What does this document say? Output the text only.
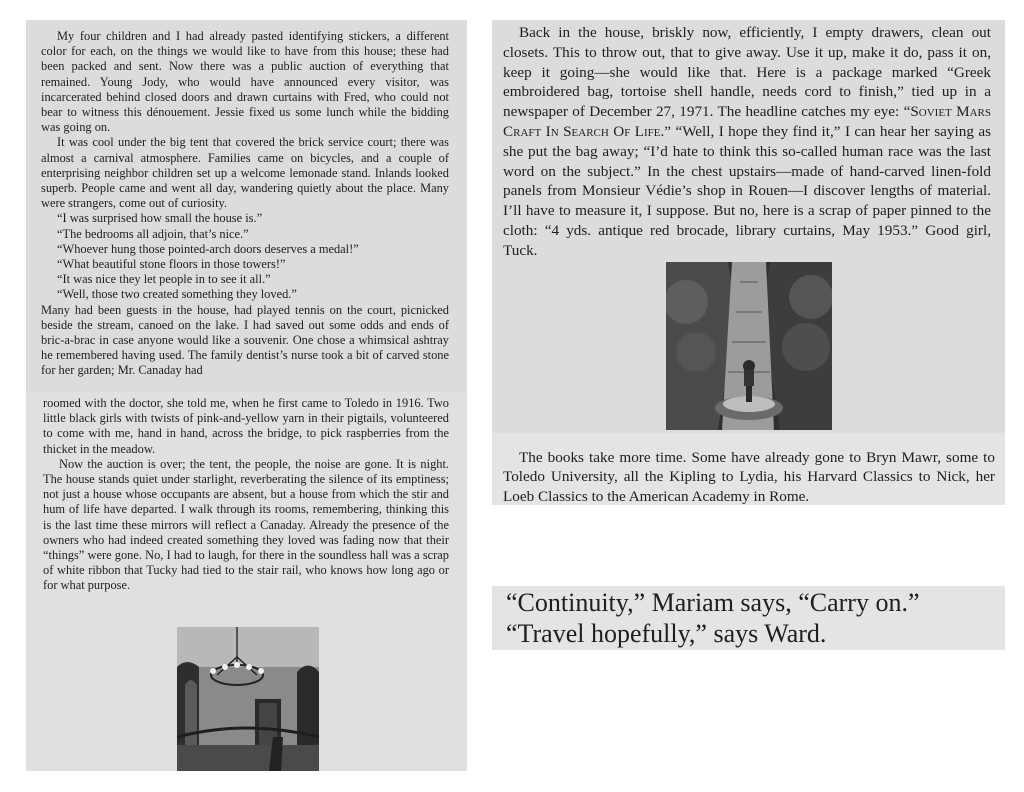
My four children and I had already pasted identifying stickers, a different color for each, on the things we would like to have from this house; these had been packed and sent. Now there was a public auction of everything that remained. Young Jody, who would have announced every visitor, was incarcerated behind closed doors and drawn curtains with Fred, who could not bear to witness this dénouement. Jessie fixed us some lunch while the bidding was going on.

It was cool under the big tent that covered the brick service court; there was almost a carnival atmosphere. Families came on bicycles, and a couple of enterprising neighbor children set up a welcome lemonade stand. Inlands looked superb. People came and went all day, wandering quietly about the place. Many were strangers, come out of curiosity.

“I was surprised how small the house is.”

“The bedrooms all adjoin, that’s nice.”

“Whoever hung those pointed-arch doors deserves a medal!”

“What beautiful stone floors in those towers!”

“It was nice they let people in to see it all.”

“Well, those two created something they loved.”

Many had been guests in the house, had played tennis on the court, picnicked beside the stream, canoed on the lake. I had saved out some odds and ends of bric-a-brac in case anyone would like a souvenir. One chose a whimsical ashtray he remembered having used. The family dentist’s nurse took a bit of carved stone for her garden; Mr. Canaday had

roomed with the doctor, she told me, when he first came to Toledo in 1916. Two little black girls with twists of pink-and-yellow yarn in their pigtails, volunteered to come with me, hand in hand, across the bridge, to pick raspberries from the thicket in the meadow.

Now the auction is over; the tent, the people, the noise are gone. It is night. The house stands quiet under starlight, reverberating the silence of its emptiness; not just a house whose occupants are absent, but a house from which the stir and hum of life have departed. I walk through its rooms, remembering, thinking this is the last time these mirrors will reflect a Canaday. Already the presence of the owners who had indeed created something they loved was fading now that their “things” were gone. No, I had to laugh, for there in the soundless hall was a scrap of white ribbon that Tucky had tied to the stair rail, who knows how long ago or for what purpose.

Back in the house, briskly now, efficiently, I empty drawers, clean out closets. This to throw out, that to give away. Use it up, make it do, pass it on, keep it going—she would like that. Here is a package marked “Greek embroidered bag, tortoise shell handle, needs cord to finish,” tied up in a newspaper of December 27, 1971. The headline catches my eye: “Soviet Mars Craft In Search Of Life.” “Well, I hope they find it,” I can hear her saying as she put the bag away; “I’d hate to think this so-called human race was the last word on the subject.” In the chest upstairs—made of hand-carved linen-fold panels from Monsieur Védie’s shop in Rouen—I discover lengths of material. I’ll have to measure it, I suppose. But no, here is a scrap of paper pinned to the cloth: “4 yds. antique red brocade, library curtains, May 1953.” Good girl, Tuck.

The books take more time. Some have already gone to Bryn Mawr, some to Toledo University, all the Kipling to Lydia, his Harvard Classics to Nick, her Loeb Classics to the American Academy in Rome.

“Continuity,” Mariam says, “Carry on.”

“Travel hopefully,” says Ward.
